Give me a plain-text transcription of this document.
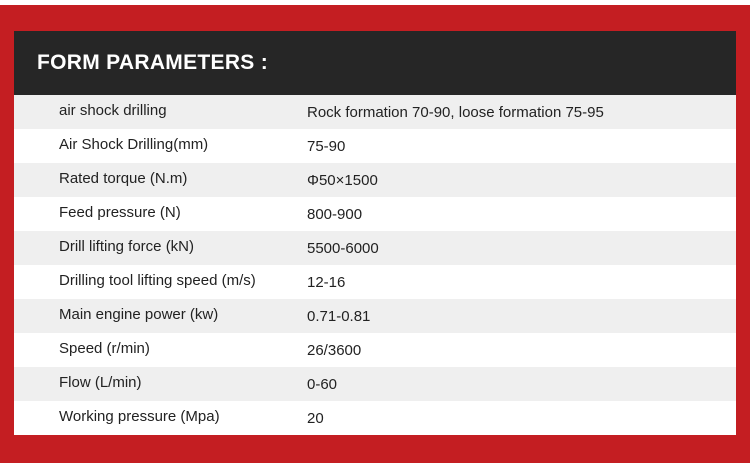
FORM PARAMETERS :
air shock drilling	Rock formation 70-90, loose formation 75-95
Air Shock Drilling(mm)	75-90
Rated torque (N.m)	Φ50×1500
Feed pressure (N)	800-900
Drill lifting force (kN)	5500-6000
Drilling tool lifting speed (m/s)	12-16
Main engine power (kw)	0.71-0.81
Speed (r/min)	26/3600
Flow (L/min)	0-60
Working pressure (Mpa)	20
